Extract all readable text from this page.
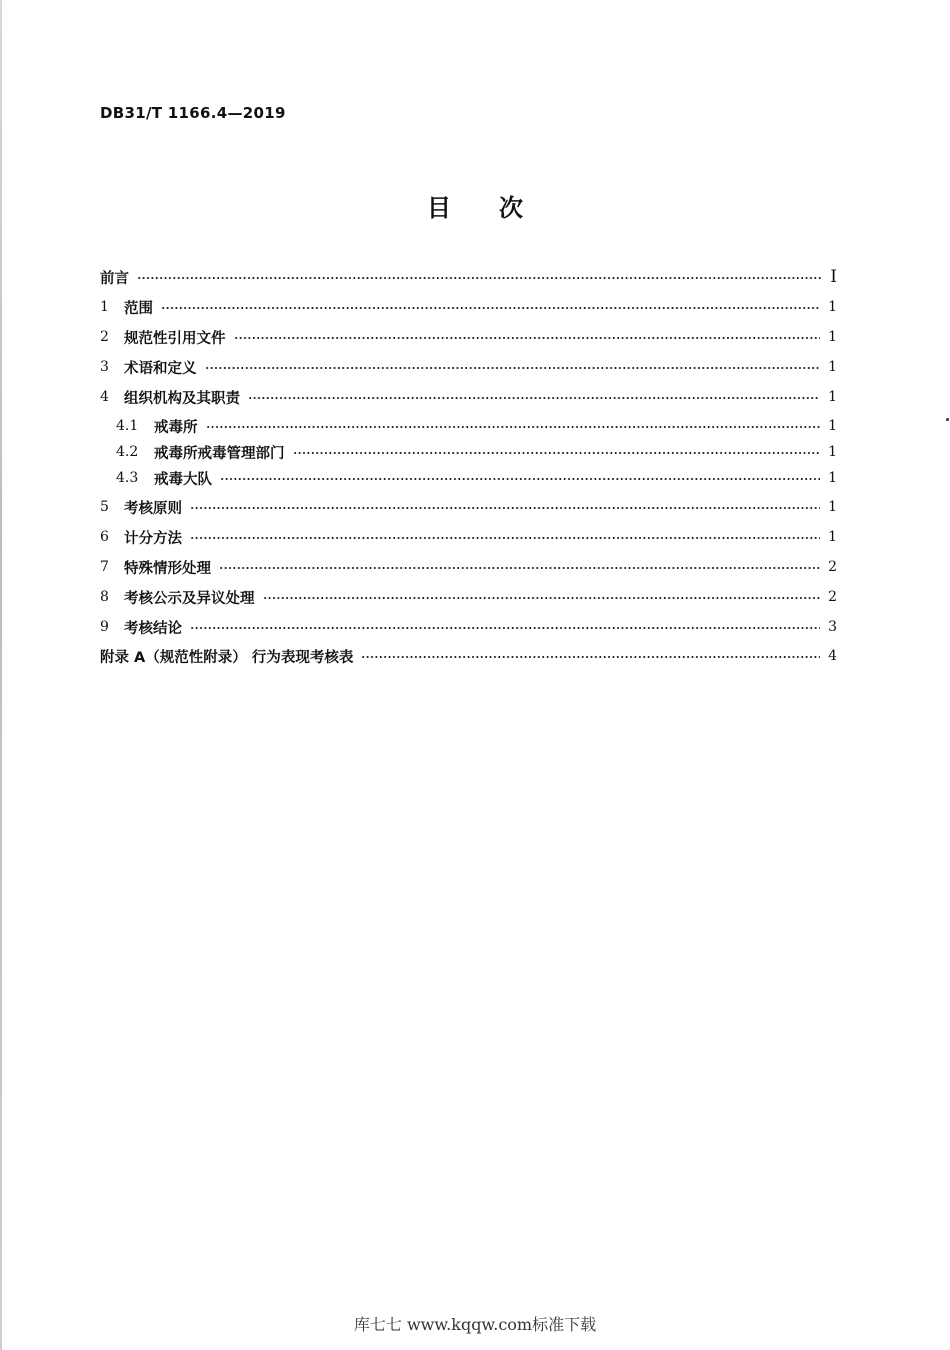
DB31/T 1166.4—2019
目次
前言	I
1	范围	1
2	规范性引用文件	1
3	术语和定义	1
4	组织机构及其职责	1
4.1	戒毒所	1
4.2	戒毒所戒毒管理部门	1
4.3	戒毒大队	1
5	考核原则	1
6	计分方法	1
7	特殊情形处理	2
8	考核公示及异议处理	2
9	考核结论	3
附录 A（规范性附录） 行为表现考核表	4
库七七 www.kqqw.com标准下载
